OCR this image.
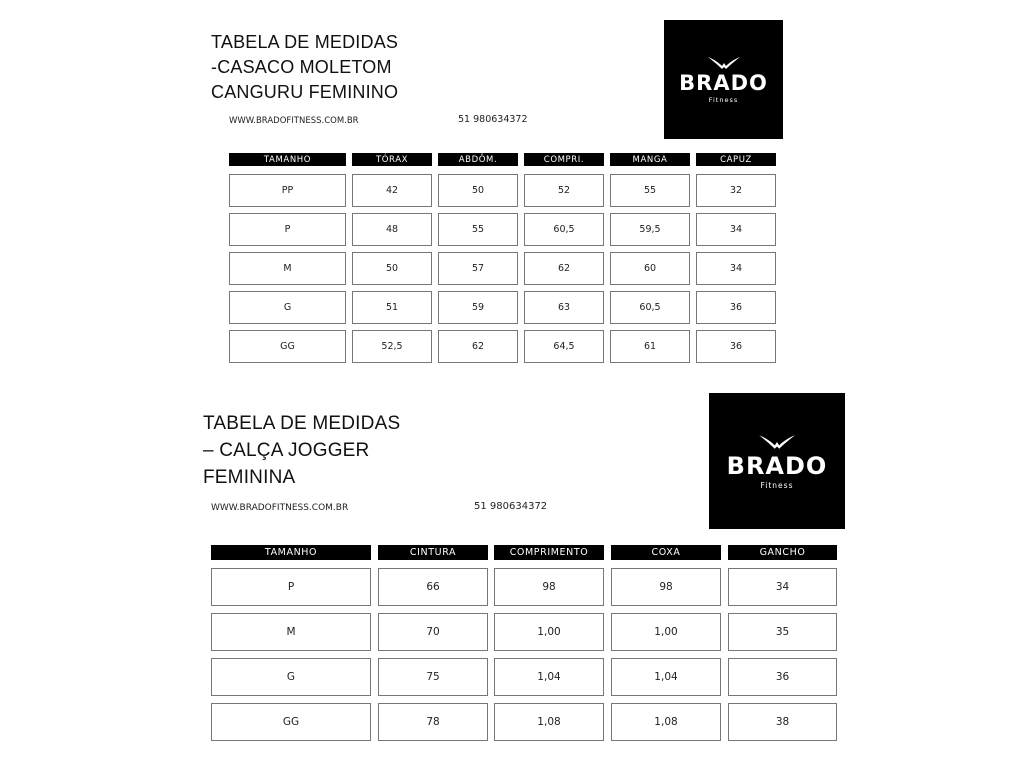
TABELA DE MEDIDAS
-CASACO MOLETOM
CANGURU FEMININO
WWW.BRADOFITNESS.COM.BR	51 980634372
BRADO
Fitness
TAMANHO	TÓRAX	ABDÔM.	COMPRI.	MANGA	CAPUZ
PP	42	50	52	55	32
P	48	55	60,5	59,5	34
M	50	57	62	60	34
G	51	59	63	60,5	36
GG	52,5	62	64,5	61	36
TABELA DE MEDIDAS
– CALÇA JOGGER
FEMININA
WWW.BRADOFITNESS.COM.BR	51 980634372
BRADO
Fitness
TAMANHO	CINTURA	COMPRIMENTO	COXA	GANCHO
P	66	98	98	34
M	70	1,00	1,00	35
G	75	1,04	1,04	36
GG	78	1,08	1,08	38
